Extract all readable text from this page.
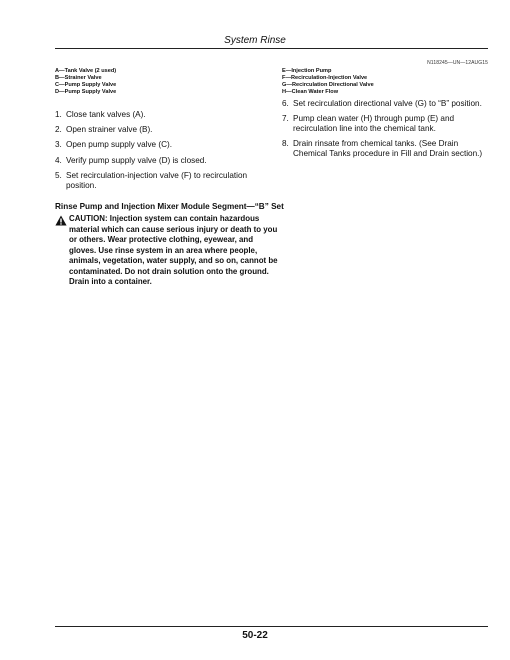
System Rinse
N118245—UN—12AUG15
A—Tank Valve (2 used)
B—Strainer Valve
C—Pump Supply Valve
D—Pump Supply Valve
E—Injection Pump
F—Recirculation-Injection Valve
G—Recirculation Directional Valve
H—Clean Water Flow
1. Close tank valves (A).
2. Open strainer valve (B).
3. Open pump supply valve (C).
4. Verify pump supply valve (D) is closed.
5. Set recirculation-injection valve (F) to recirculation position.
6. Set recirculation directional valve (G) to “B” position.
7. Pump clean water (H) through pump (E) and recirculation line into the chemical tank.
8. Drain rinsate from chemical tanks. (See Drain Chemical Tanks procedure in Fill and Drain section.)
Rinse Pump and Injection Mixer Module Segment—“B” Set
CAUTION: Injection system can contain hazardous material which can cause serious injury or death to you or others. Wear protective clothing, eyewear, and gloves. Use rinse system in an area where people, animals, vegetation, water supply, and so on, cannot be contaminated. Do not drain solution onto the ground. Drain into a container.
50-22
